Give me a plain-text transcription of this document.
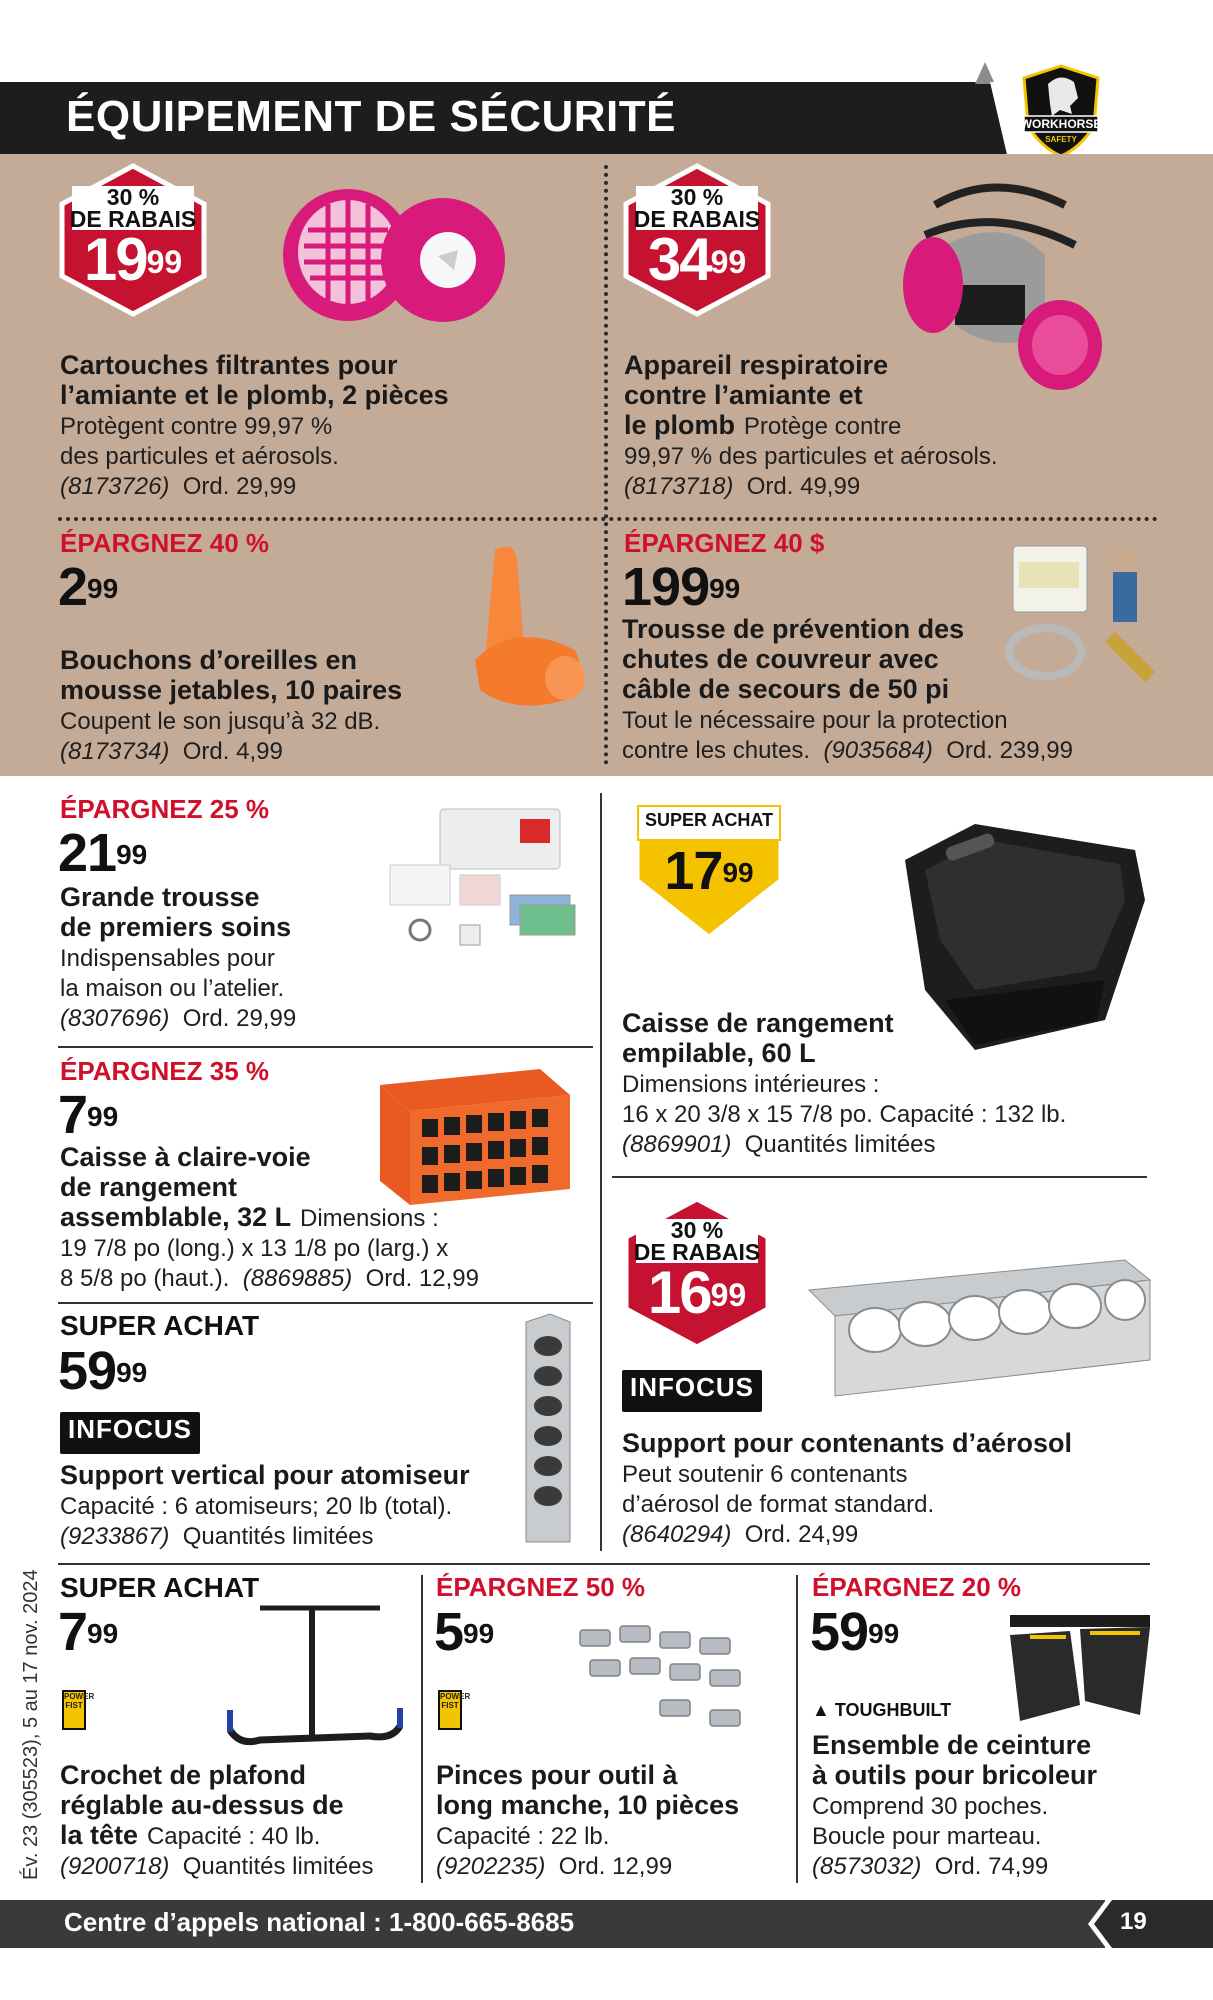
ÉQUIPEMENT DE SÉCURITÉ	WORKHORSE
SAFETY
30 %
DE RABAIS
$19^{99}$
Cartouches filtrantes pour
l’amiante et le plomb, 2 pièces
Protègent contre 99,97 %
des particules et aérosols.
(8173726) Ord. 29,99
30 %
DE RABAIS
$34^{99}$
Appareil respiratoire
contre l’amiante et
le plomb Protège contre
99,97 % des particules et aérosols.
(8173718) Ord. 49,99
ÉPARGNEZ 40 %
$2^{99}$
Bouchons d’oreilles en
mousse jetables, 10 paires
Coupent le son jusqu’à 32 dB.
(8173734) Ord. 4,99
ÉPARGNEZ 40 $
$199^{99}$
Trousse de prévention des
chutes de couvreur avec
câble de secours de 50 pi
Tout le nécessaire pour la protection
contre les chutes. (9035684) Ord. 239,99
ÉPARGNEZ 25 %
$21^{99}$
Grande trousse
de premiers soins
Indispensables pour
la maison ou l’atelier.
(8307696) Ord. 29,99
SUPER ACHAT
$17^{99}$
Caisse de rangement
empilable, 60 L
Dimensions intérieures :
16 x 20 3/8 x 15 7/8 po. Capacité : 132 lb.
(8869901) Quantités limitées
ÉPARGNEZ 35 %
$7^{99}$
Caisse à claire-voie
de rangement
assemblable, 32 L Dimensions :
19 7/8 po (long.) x 13 1/8 po (larg.) x
8 5/8 po (haut.). (8869885) Ord. 12,99
30 %
DE RABAIS
$16^{99}$
INFOCUS
Support pour contenants d’aérosol
Peut soutenir 6 contenants
d’aérosol de format standard.
(8640294) Ord. 24,99
SUPER ACHAT
$59^{99}$
INFOCUS
Support vertical pour atomiseur
Capacité : 6 atomiseurs; 20 lb (total).
(9233867) Quantités limitées
SUPER ACHAT
$7^{99}$
POWER FIST
Crochet de plafond
réglable au-dessus de
la tête Capacité : 40 lb.
(9200718) Quantités limitées
ÉPARGNEZ 50 %
$5^{99}$
POWER FIST
Pinces pour outil à
long manche, 10 pièces
Capacité : 22 lb.
(9202235) Ord. 12,99
ÉPARGNEZ 20 %
$59^{99}$
▲ TOUGHBUILT
Ensemble de ceinture
à outils pour bricoleur
Comprend 30 poches.
Boucle pour marteau.
(8573032) Ord. 74,99
Év. 23 (305523), 5 au 17 nov. 2024
Centre d’appels national : 1-800-665-8685	19
